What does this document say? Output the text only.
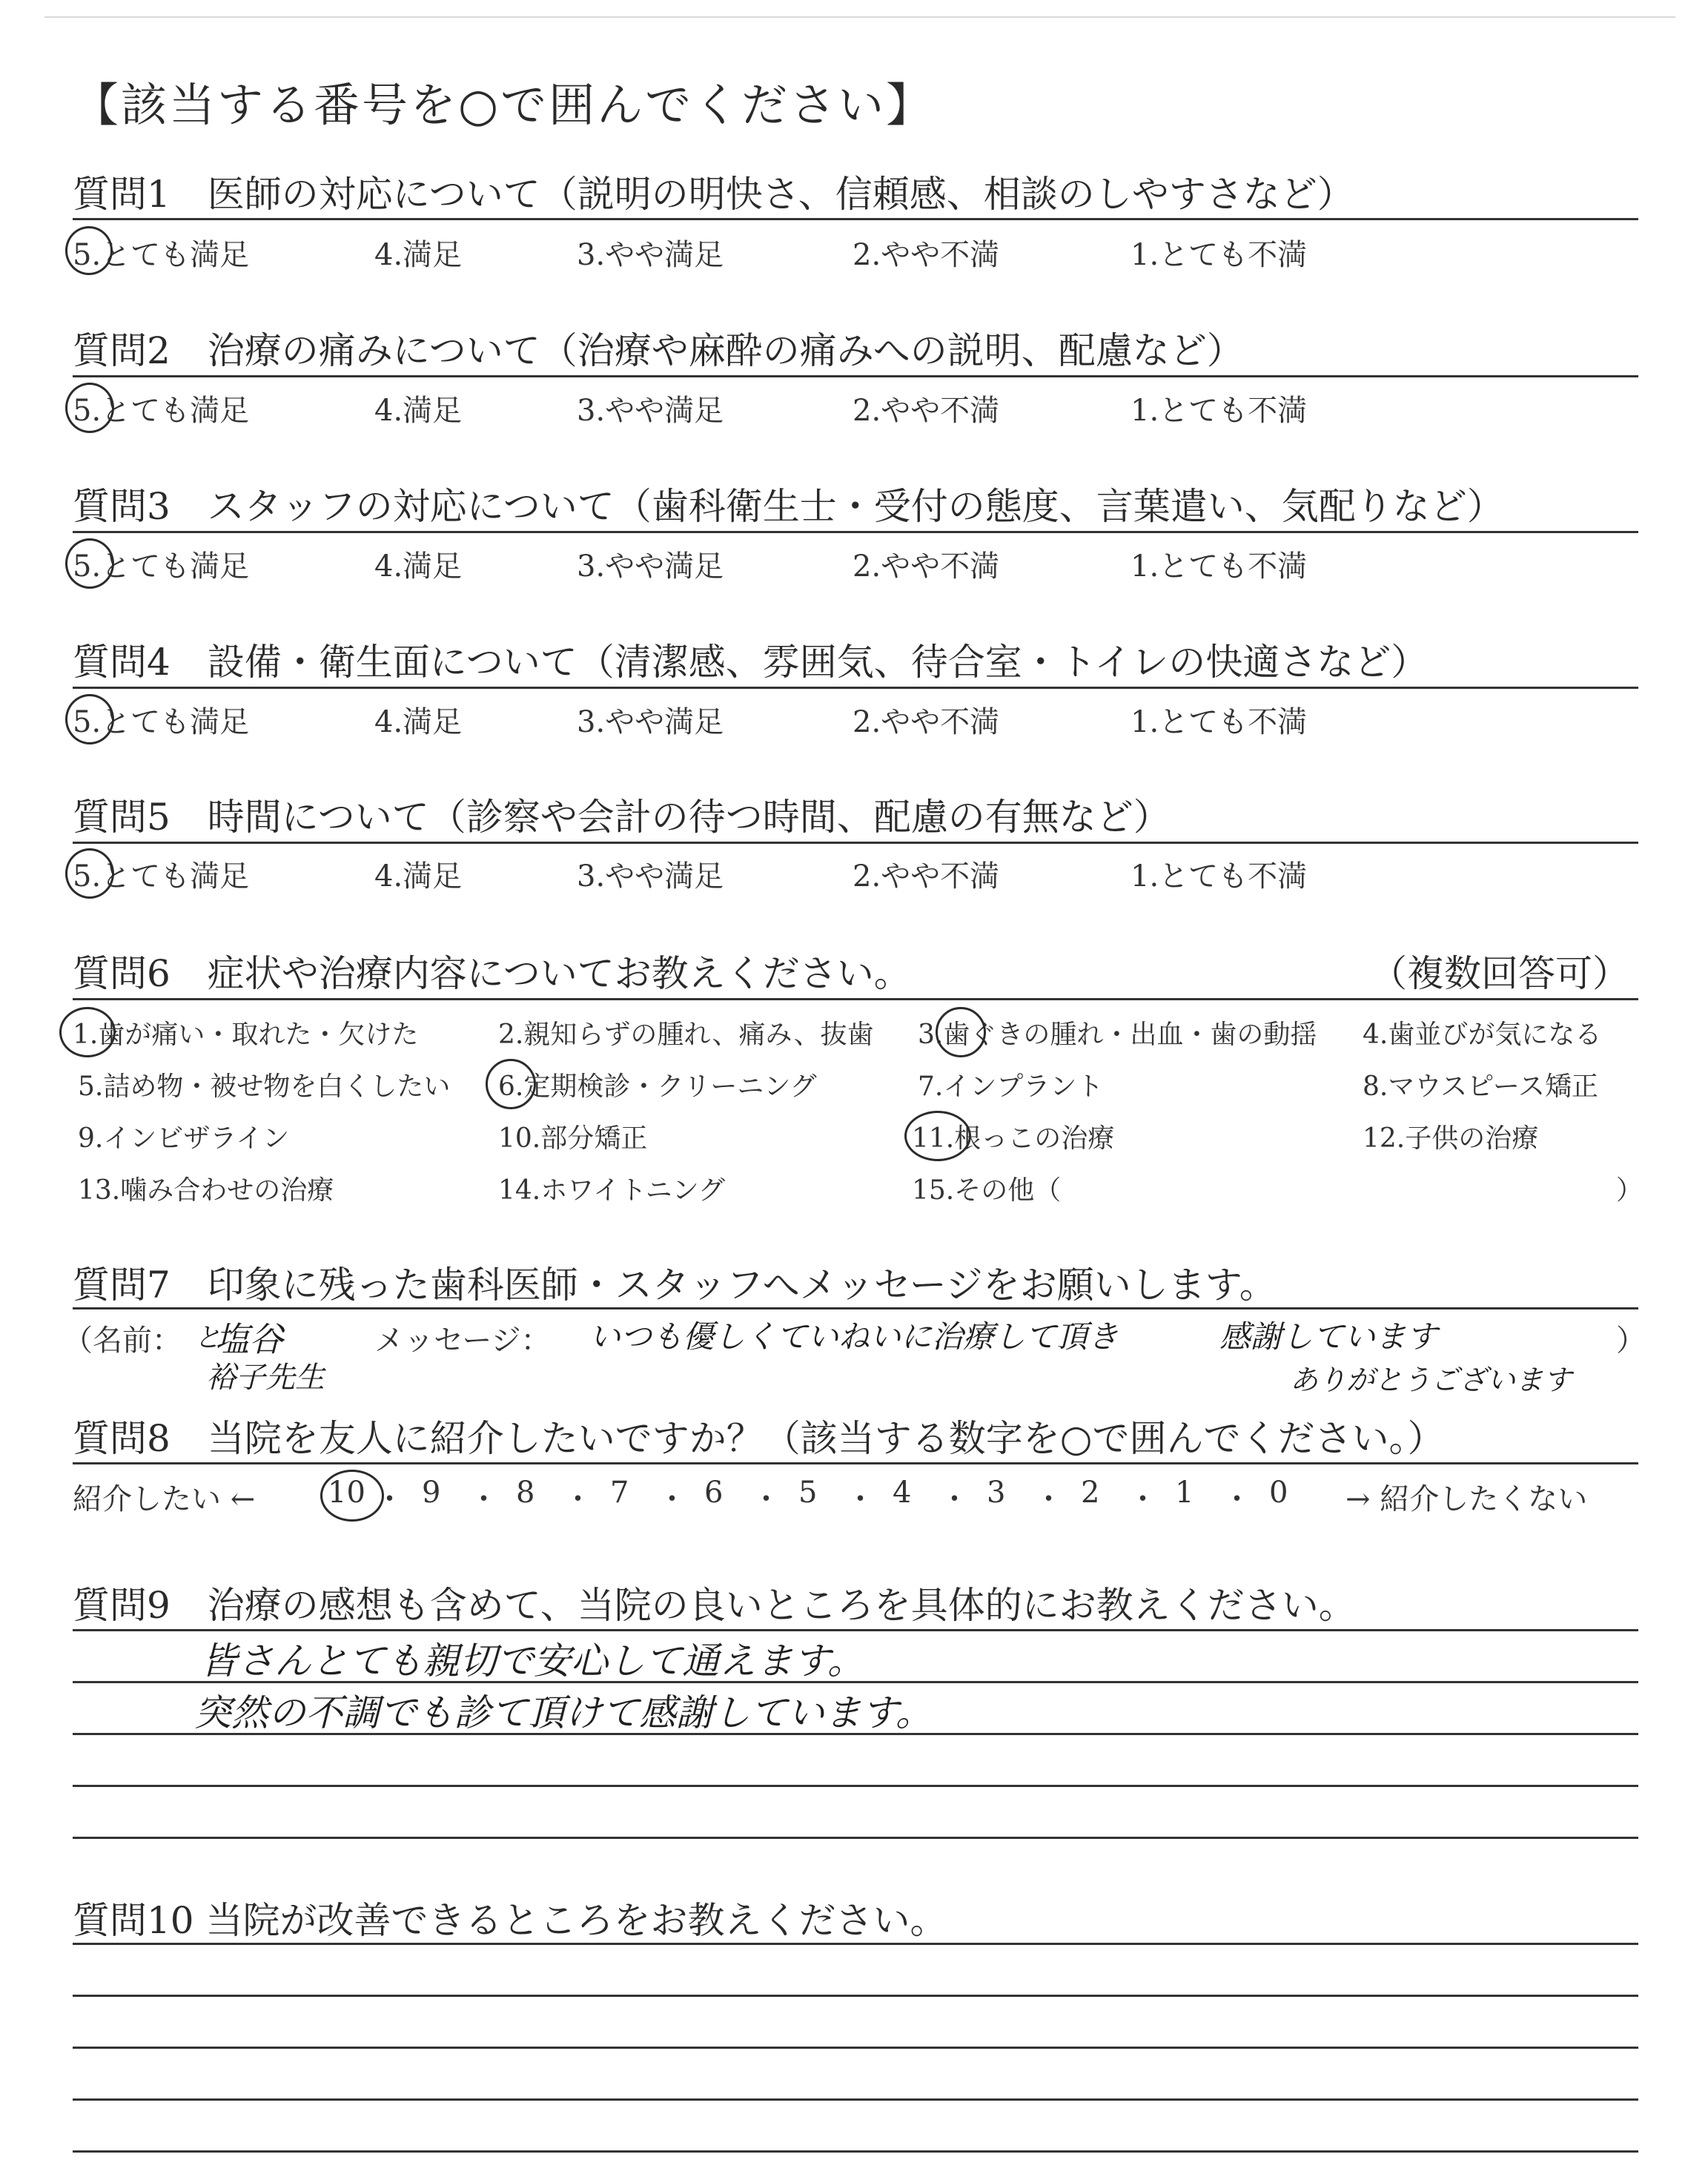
【該当する番号を○で囲んでください】
質問1　医師の対応について（説明の明快さ、信頼感、相談のしやすさなど）
5.とても満足	4.満足	3.やや満足	2.やや不満	1.とても不満
質問2　治療の痛みについて（治療や麻酔の痛みへの説明、配慮など）
5.とても満足	4.満足	3.やや満足	2.やや不満	1.とても不満
質問3　スタッフの対応について（歯科衛生士・受付の態度、言葉遣い、気配りなど）
5.とても満足	4.満足	3.やや満足	2.やや不満	1.とても不満
質問4　設備・衛生面について（清潔感、雰囲気、待合室・トイレの快適さなど）
5.とても満足	4.満足	3.やや満足	2.やや不満	1.とても不満
質問5　時間について（診察や会計の待つ時間、配慮の有無など）
5.とても満足	4.満足	3.やや満足	2.やや不満	1.とても不満
質問6　症状や治療内容についてお教えください。	（複数回答可）
1.歯が痛い・取れた・欠けた	2.親知らずの腫れ、痛み、抜歯 3.歯ぐきの腫れ・出血・歯の動揺 4.歯並びが気になる
5.詰め物・被せ物を白くしたい 6.定期検診・クリーニング	7.インプラント	8.マウスピース矯正
9.インビザライン	10.部分矯正	11.根っこの治療	12.子供の治療
13.噛み合わせの治療	14.ホワイトニング	15.その他（	）
質問7　印象に残った歯科医師・スタッフへメッセージをお願いします。
（名前：	メッセージ：	）
と
塩谷
裕子先生
いつも優しくていねいに治療して頂き	感謝しています
ありがとうございます
質問8　当院を友人に紹介したいですか？（該当する数字を○で囲んでください。）
紹介したい ←	→ 紹介したくない
10 ・ 9 ・ 8 ・ 7 ・ 6 ・ 5 ・ 4 ・ 3 ・ 2 ・ 1 ・ 0
質問9　治療の感想も含めて、当院の良いところを具体的にお教えください。
皆さんとても親切で安心して通えます。
突然の不調でも診て頂けて感謝しています。
質問10 当院が改善できるところをお教えください。
